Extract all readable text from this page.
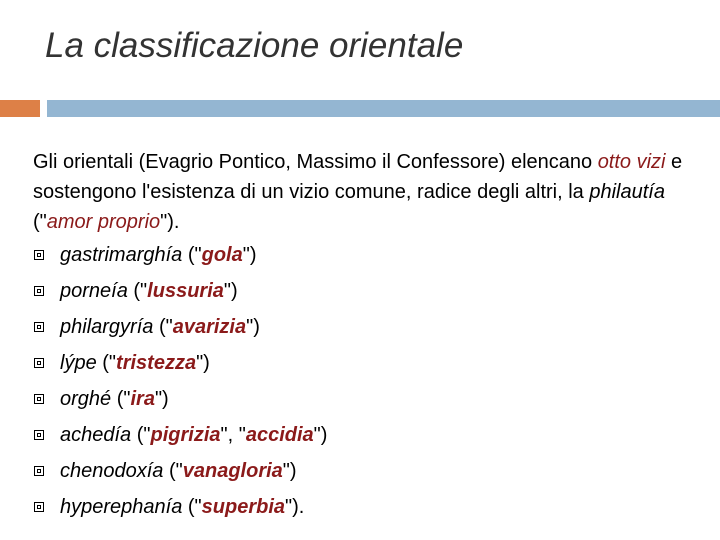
La classificazione orientale

Gli orientali (Evagrio Pontico, Massimo il Confessore) elencano otto vizi e sostengono l'esistenza di un vizio comune, radice degli altri, la philautía ("amor proprio").

gastrimarghía ("gola")
porneía ("lussuria")
philargyría ("avarizia")
lýpe ("tristezza")
orghé ("ira")
achedía ("pigrizia", "accidia")
chenodoxía ("vanagloria")
hyperephanía ("superbia").
